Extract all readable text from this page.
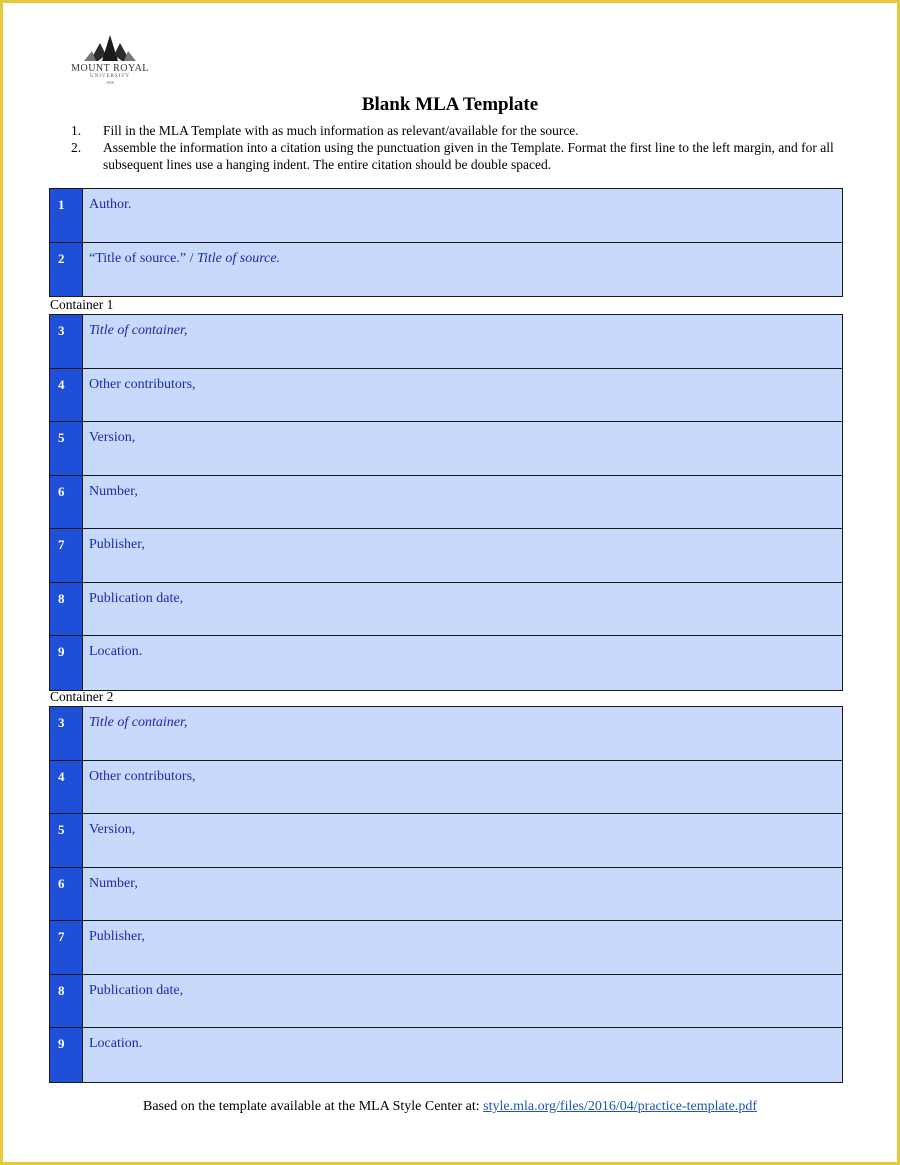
MOUNT ROYAL
UNIVERSITY
1910
Blank MLA Template
1.	Fill in the MLA Template with as much information as relevant/available for the source.
2.	Assemble the information into a citation using the punctuation given in the Template. Format the first line to the left margin, and for all subsequent lines use a hanging indent. The entire citation should be double spaced.
1	Author.
2	“Title of source.” / Title of source.
Container 1
3	Title of container,
4	Other contributors,
5	Version,
6	Number,
7	Publisher,
8	Publication date,
9	Location.
Container 2
3	Title of container,
4	Other contributors,
5	Version,
6	Number,
7	Publisher,
8	Publication date,
9	Location.
Based on the template available at the MLA Style Center at: style.mla.org/files/2016/04/practice-template.pdf
